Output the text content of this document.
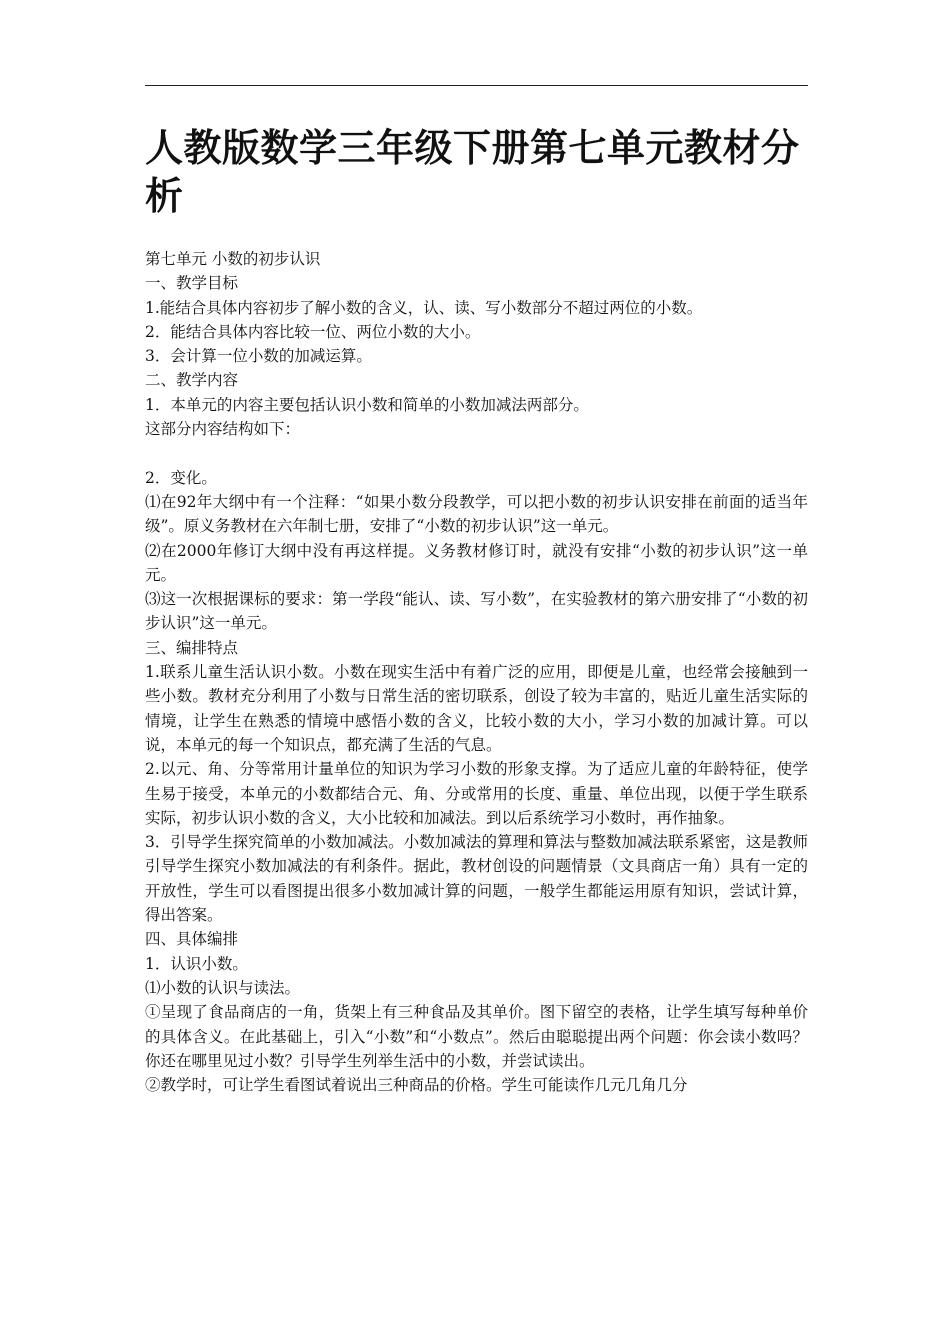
人教版数学三年级下册第七单元教材分析

第七单元 小数的初步认识

一、教学目标

1.能结合具体内容初步了解小数的含义，认、读、写小数部分不超过两位的小数。

2．能结合具体内容比较一位、两位小数的大小。

3．会计算一位小数的加减运算。

二、教学内容

1．本单元的内容主要包括认识小数和简单的小数加减法两部分。

这部分内容结构如下：

2．变化。

⑴在92年大纲中有一个注释：“如果小数分段教学，可以把小数的初步认识安排在前面的适当年级”。原义务教材在六年制七册，安排了“小数的初步认识”这一单元。

⑵在2000年修订大纲中没有再这样提。义务教材修订时，就没有安排“小数的初步认识”这一单元。

⑶这一次根据课标的要求：第一学段“能认、读、写小数”，在实验教材的第六册安排了“小数的初步认识”这一单元。

三、编排特点

1.联系儿童生活认识小数。小数在现实生活中有着广泛的应用，即便是儿童，也经常会接触到一些小数。教材充分利用了小数与日常生活的密切联系，创设了较为丰富的，贴近儿童生活实际的情境，让学生在熟悉的情境中感悟小数的含义，比较小数的大小，学习小数的加减计算。可以说，本单元的每一个知识点，都充满了生活的气息。

2.以元、角、分等常用计量单位的知识为学习小数的形象支撑。为了适应儿童的年龄特征，使学生易于接受，本单元的小数都结合元、角、分或常用的长度、重量、单位出现，以便于学生联系实际，初步认识小数的含义，大小比较和加减法。到以后系统学习小数时，再作抽象。

3．引导学生探究简单的小数加减法。小数加减法的算理和算法与整数加减法联系紧密，这是教师引导学生探究小数加减法的有利条件。据此，教材创设的问题情景（文具商店一角）具有一定的开放性，学生可以看图提出很多小数加减计算的问题，一般学生都能运用原有知识，尝试计算，得出答案。

四、具体编排

1．认识小数。

⑴小数的认识与读法。

①呈现了食品商店的一角，货架上有三种食品及其单价。图下留空的表格，让学生填写每种单价的具体含义。在此基础上，引入“小数”和“小数点”。然后由聪聪提出两个问题：你会读小数吗？你还在哪里见过小数？引导学生列举生活中的小数，并尝试读出。

②教学时，可让学生看图试着说出三种商品的价格。学生可能读作几元几角几分
